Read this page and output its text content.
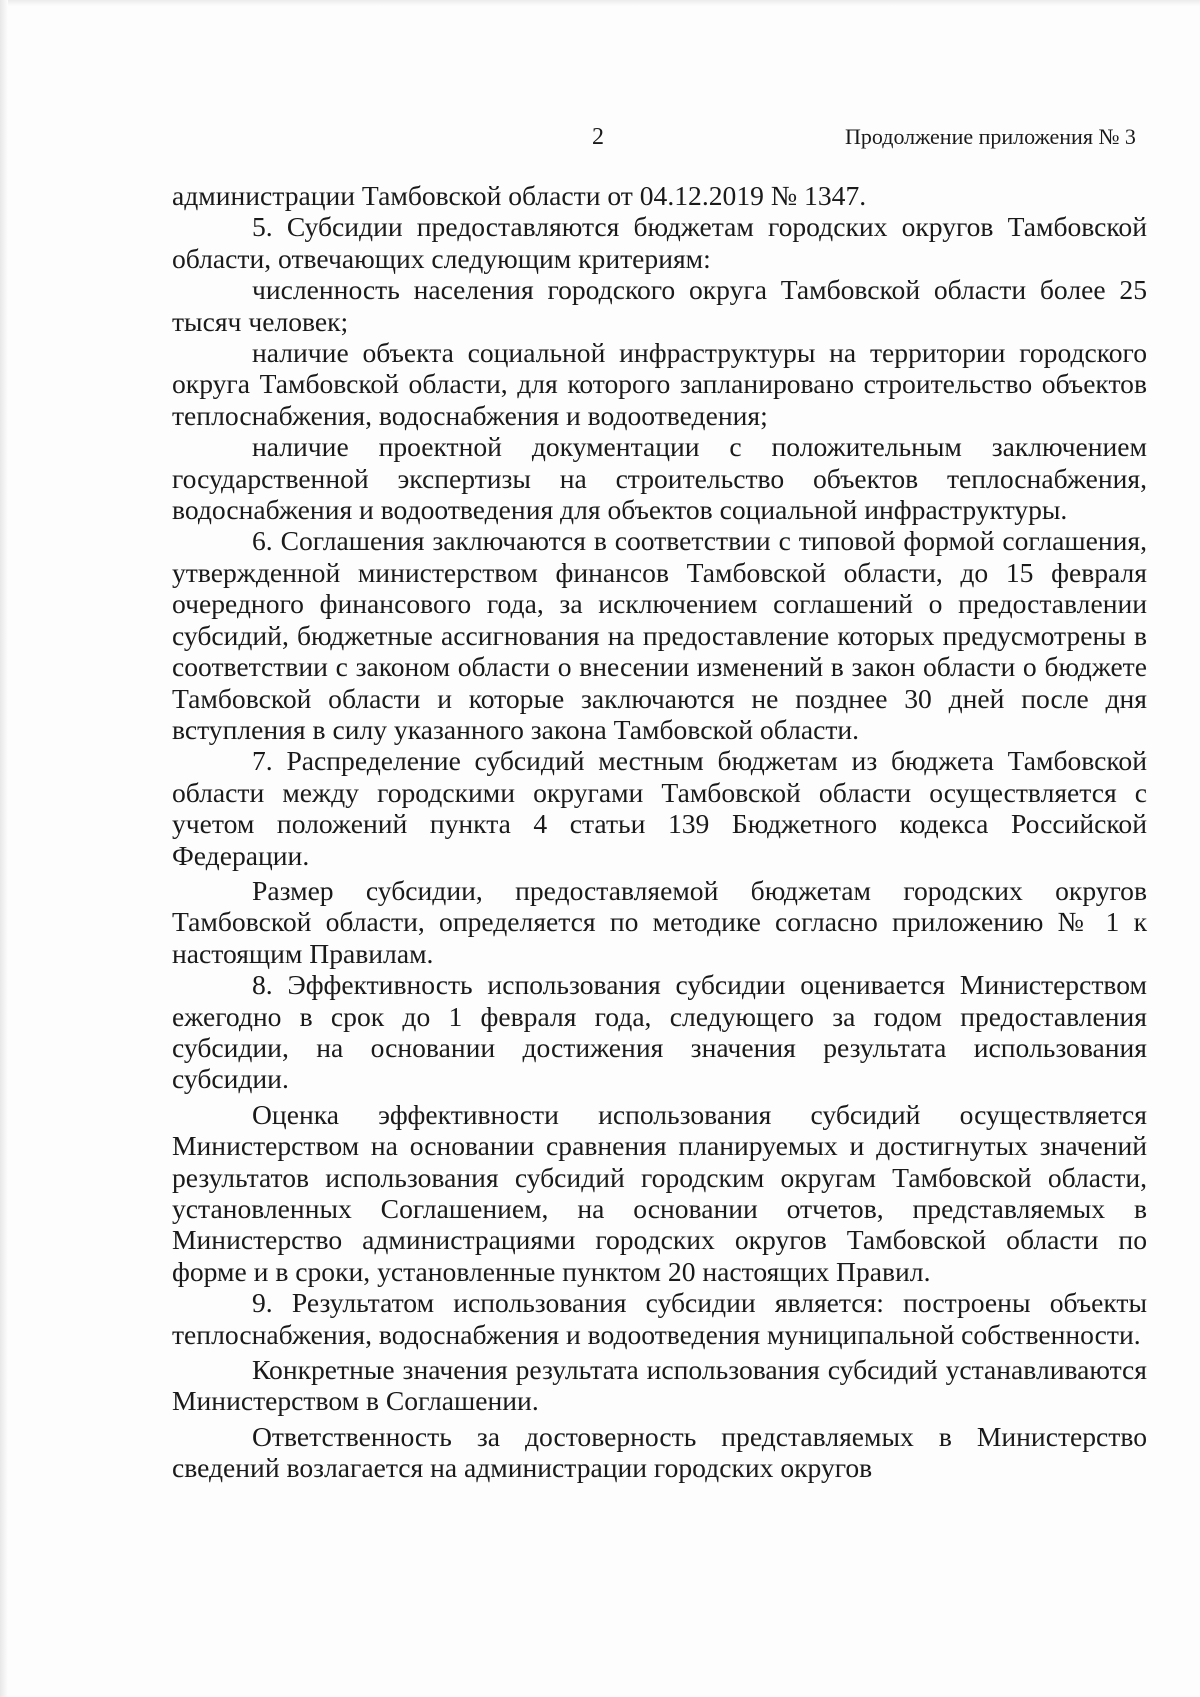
2	Продолжение приложения № 3

администрации Тамбовской области от 04.12.2019 № 1347.

5. Субсидии предоставляются бюджетам городских округов Тамбовской области, отвечающих следующим критериям:

численность населения городского округа Тамбовской области более 25 тысяч человек;

наличие объекта социальной инфраструктуры на территории городского округа Тамбовской области, для которого запланировано строительство объектов теплоснабжения, водоснабжения и водоотведения;

наличие проектной документации с положительным заключением государственной экспертизы на строительство объектов теплоснабжения, водоснабжения и водоотведения для объектов социальной инфраструктуры.

6. Соглашения заключаются в соответствии с типовой формой соглашения, утвержденной министерством финансов Тамбовской области, до 15 февраля очередного финансового года, за исключением соглашений о предоставлении субсидий, бюджетные ассигнования на предоставление которых предусмотрены в соответствии с законом области о внесении изменений в закон области о бюджете Тамбовской области и которые заключаются не позднее 30 дней после дня вступления в силу указанного закона Тамбовской области.

7. Распределение субсидий местным бюджетам из бюджета Тамбовской области между городскими округами Тамбовской области осуществляется с учетом положений пункта 4 статьи 139 Бюджетного кодекса Российской Федерации.

Размер субсидии, предоставляемой бюджетам городских округов Тамбовской области, определяется по методике согласно приложению № 1 к настоящим Правилам.

8. Эффективность использования субсидии оценивается Министерством ежегодно в срок до 1 февраля года, следующего за годом предоставления субсидии, на основании достижения значения результата использования субсидии.

Оценка эффективности использования субсидий осуществляется Министерством на основании сравнения планируемых и достигнутых значений результатов использования субсидий городским округам Тамбовской области, установленных Соглашением, на основании отчетов, представляемых в Министерство администрациями городских округов Тамбовской области по форме и в сроки, установленные пунктом 20 настоящих Правил.

9. Результатом использования субсидии является: построены объекты теплоснабжения, водоснабжения и водоотведения муниципальной собственности.

Конкретные значения результата использования субсидий устанавливаются Министерством в Соглашении.

Ответственность за достоверность представляемых в Министерство сведений возлагается на администрации городских округов
